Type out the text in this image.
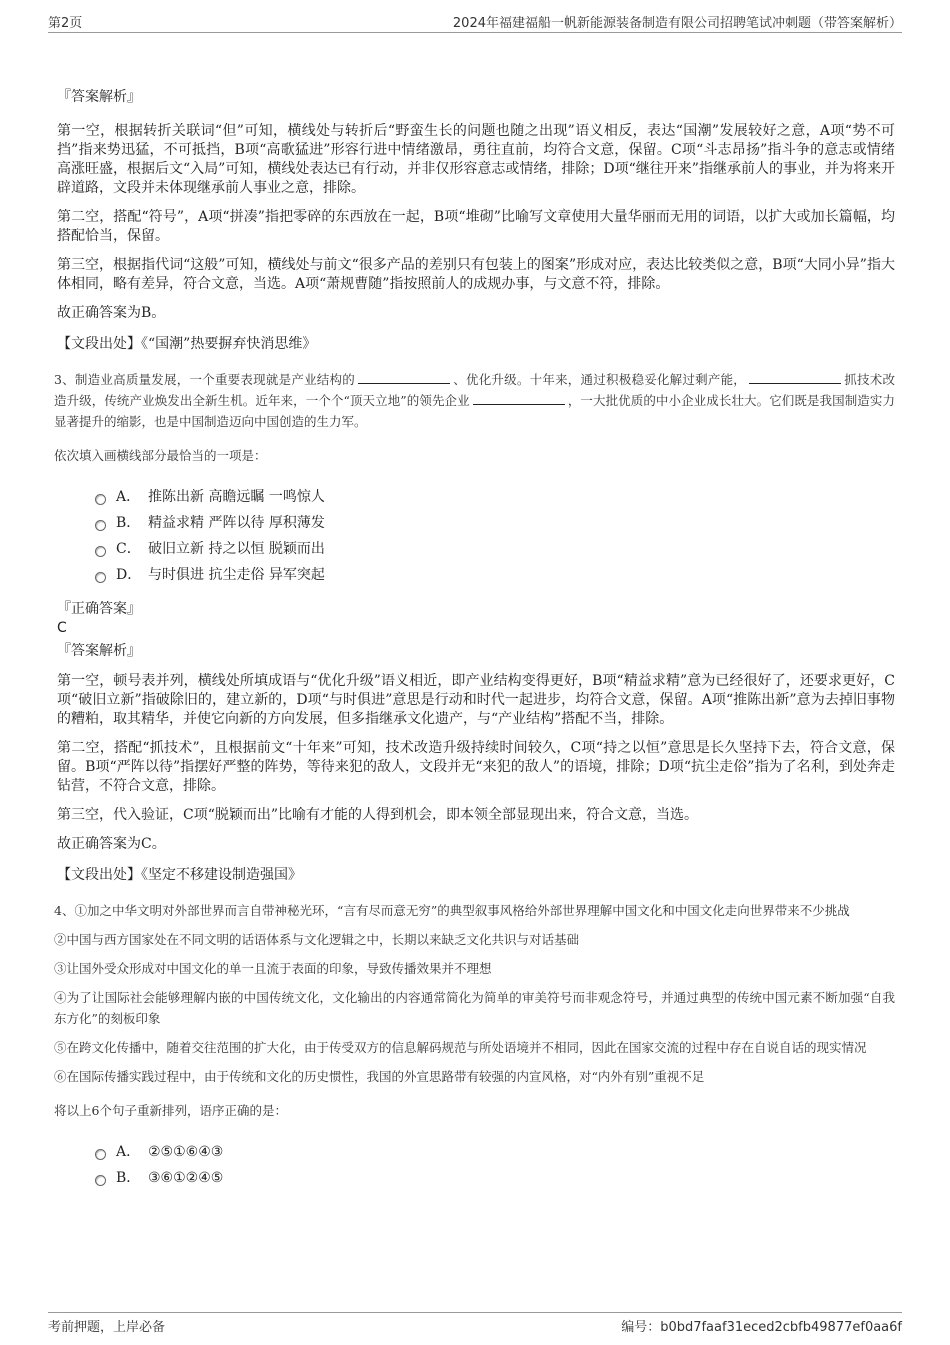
第2页	2024年福建福船一帆新能源装备制造有限公司招聘笔试冲刺题（带答案解析）
『答案解析』
第一空，根据转折关联词“但”可知，横线处与转折后“野蛮生长的问题也随之出现”语义相反，表达“国潮”发展较好之意，A项“势不可挡”指来势迅猛，不可抵挡，B项“高歌猛进”形容行进中情绪激昂，勇往直前，均符合文意，保留。C项“斗志昂扬”指斗争的意志或情绪高涨旺盛，根据后文“入局”可知，横线处表达已有行动，并非仅形容意志或情绪，排除；D项“继往开来”指继承前人的事业，并为将来开辟道路，文段并未体现继承前人事业之意，排除。
第二空，搭配“符号”，A项“拼凑”指把零碎的东西放在一起，B项“堆砌”比喻写文章使用大量华丽而无用的词语，以扩大或加长篇幅，均搭配恰当，保留。
第三空，根据指代词“这般”可知，横线处与前文“很多产品的差别只有包装上的图案”形成对应，表达比较类似之意，B项“大同小异”指大体相同，略有差异，符合文意，当选。A项“萧规曹随”指按照前人的成规办事，与文意不符，排除。
故正确答案为B。
【文段出处】《“国潮”热要摒弃快消思维》
3、制造业高质量发展，一个重要表现就是产业结构的	、优化升级。十年来，通过积极稳妥化解过剩产能，	抓技术改造升级，传统产业焕发出全新生机。近年来，一个个“顶天立地”的领先企业	，一大批优质的中小企业成长壮大。它们既是我国制造实力显著提升的缩影，也是中国制造迈向中国创造的生力军。
依次填入画横线部分最恰当的一项是：
A． 推陈出新 高瞻远瞩 一鸣惊人
B． 精益求精 严阵以待 厚积薄发
C． 破旧立新 持之以恒 脱颖而出
D． 与时俱进 抗尘走俗 异军突起
『正确答案』
C
『答案解析』
第一空，顿号表并列，横线处所填成语与“优化升级”语义相近，即产业结构变得更好，B项“精益求精”意为已经很好了，还要求更好，C项“破旧立新”指破除旧的，建立新的，D项“与时俱进”意思是行动和时代一起进步，均符合文意，保留。A项“推陈出新”意为去掉旧事物的糟粕，取其精华，并使它向新的方向发展，但多指继承文化遗产，与“产业结构”搭配不当，排除。
第二空，搭配“抓技术”，且根据前文“十年来”可知，技术改造升级持续时间较久，C项“持之以恒”意思是长久坚持下去，符合文意，保留。B项“严阵以待”指摆好严整的阵势，等待来犯的敌人，文段并无“来犯的敌人”的语境，排除；D项“抗尘走俗”指为了名利，到处奔走钻营，不符合文意，排除。
第三空，代入验证，C项“脱颖而出”比喻有才能的人得到机会，即本领全部显现出来，符合文意，当选。
故正确答案为C。
【文段出处】《坚定不移建设制造强国》
4、①加之中华文明对外部世界而言自带神秘光环，“言有尽而意无穷”的典型叙事风格给外部世界理解中国文化和中国文化走向世界带来不少挑战
②中国与西方国家处在不同文明的话语体系与文化逻辑之中，长期以来缺乏文化共识与对话基础
③让国外受众形成对中国文化的单一且流于表面的印象，导致传播效果并不理想
④为了让国际社会能够理解内嵌的中国传统文化，文化输出的内容通常简化为简单的审美符号而非观念符号，并通过典型的传统中国元素不断加强“自我东方化”的刻板印象
⑤在跨文化传播中，随着交往范围的扩大化，由于传受双方的信息解码规范与所处语境并不相同，因此在国家交流的过程中存在自说自话的现实情况
⑥在国际传播实践过程中，由于传统和文化的历史惯性，我国的外宣思路带有较强的内宣风格，对“内外有别”重视不足
将以上6个句子重新排列，语序正确的是：
A． ②⑤①⑥④③
B． ③⑥①②④⑤
考前押题，上岸必备	编号：b0bd7faaf31eced2cbfb49877ef0aa6f
